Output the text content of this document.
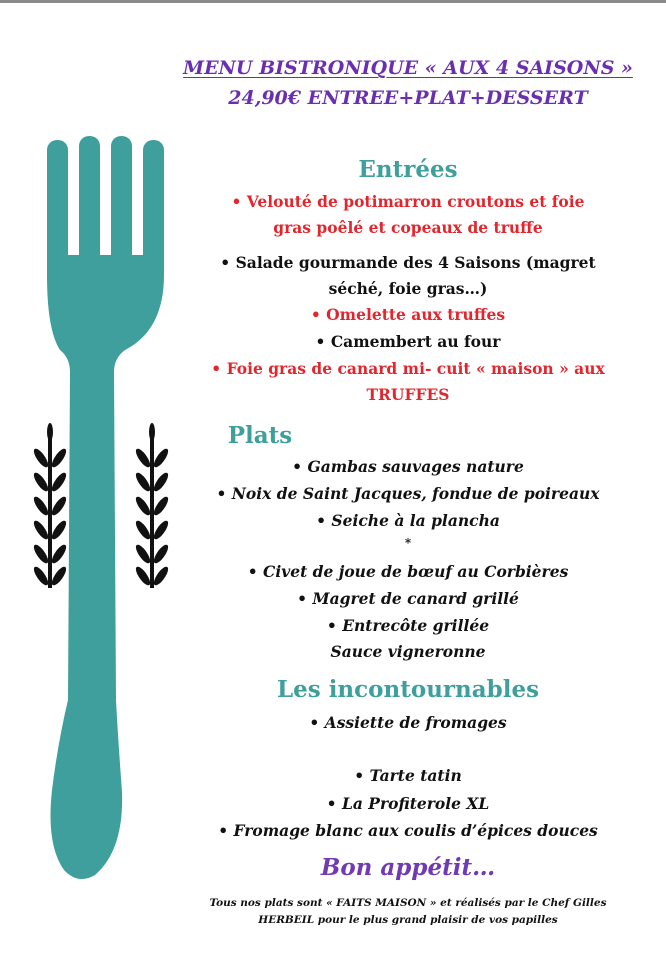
MENU BISTRONIQUE « AUX 4 SAISONS »
24,90€ ENTREE+PLAT+DESSERT
Entrées
• Velouté de potimarron croutons et foie
gras poêlé et copeaux de truffe
• Salade gourmande des 4 Saisons (magret
séché, foie gras…)
• Omelette aux truffes
• Camembert au four
• Foie gras de canard mi- cuit « maison » aux
TRUFFES
Plats
• Gambas sauvages nature
• Noix de Saint Jacques, fondue de poireaux
• Seiche à la plancha
*
• Civet de joue de bœuf au Corbières
• Magret de canard grillé
• Entrecôte grillée
Sauce vigneronne
Les incontournables
• Assiette de fromages
• Tarte tatin
• La Profiterole XL
• Fromage blanc aux coulis d’épices douces
Bon appétit…
Tous nos plats sont « FAITS MAISON » et réalisés par le Chef Gilles
HERBEIL pour le plus grand plaisir de vos papilles
